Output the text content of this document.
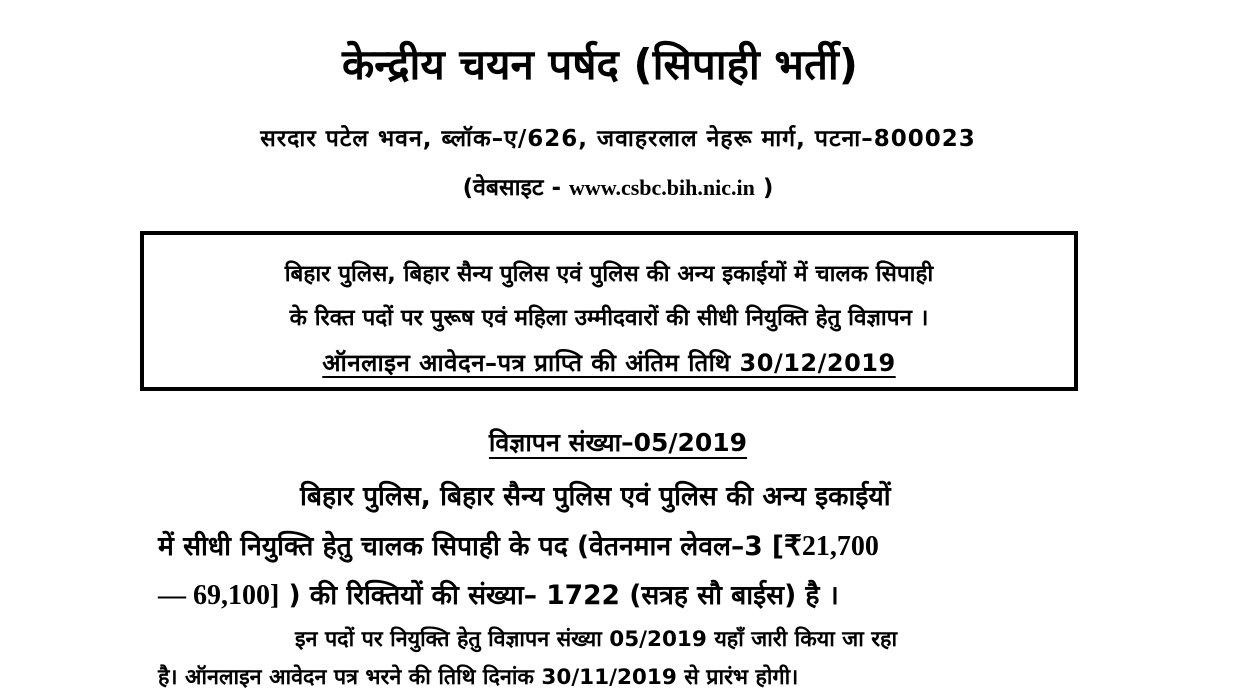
केन्द्रीय चयन पर्षद (सिपाही भर्ती)
सरदार पटेल भवन, ब्लॉक–ए/626, जवाहरलाल नेहरू मार्ग, पटना–800023
(वेबसाइट - www.csbc.bih.nic.in )
बिहार पुलिस, बिहार सैन्य पुलिस एवं पुलिस की अन्य इकाईयों में चालक सिपाही
के रिक्त पदों पर पुरूष एवं महिला उम्मीदवारों की सीधी नियुक्ति हेतु विज्ञापन ।
ऑनलाइन आवेदन–पत्र प्राप्ति की अंतिम तिथि 30/12/2019
विज्ञापन संख्या–05/2019
बिहार पुलिस, बिहार सैन्य पुलिस एवं पुलिस की अन्य इकाईयों
में सीधी नियुक्ति हेतु चालक सिपाही के पद (वेतनमान लेवल–3 [₹21,700
— 69,100] ) की रिक्तियों की संख्या– 1722 (सत्रह सौ बाईस) है ।
इन पदों पर नियुक्ति हेतु विज्ञापन संख्या 05/2019 यहाँ जारी किया जा रहा
है। ऑनलाइन आवेदन पत्र भरने की तिथि दिनांक 30/11/2019 से प्रारंभ होगी।
